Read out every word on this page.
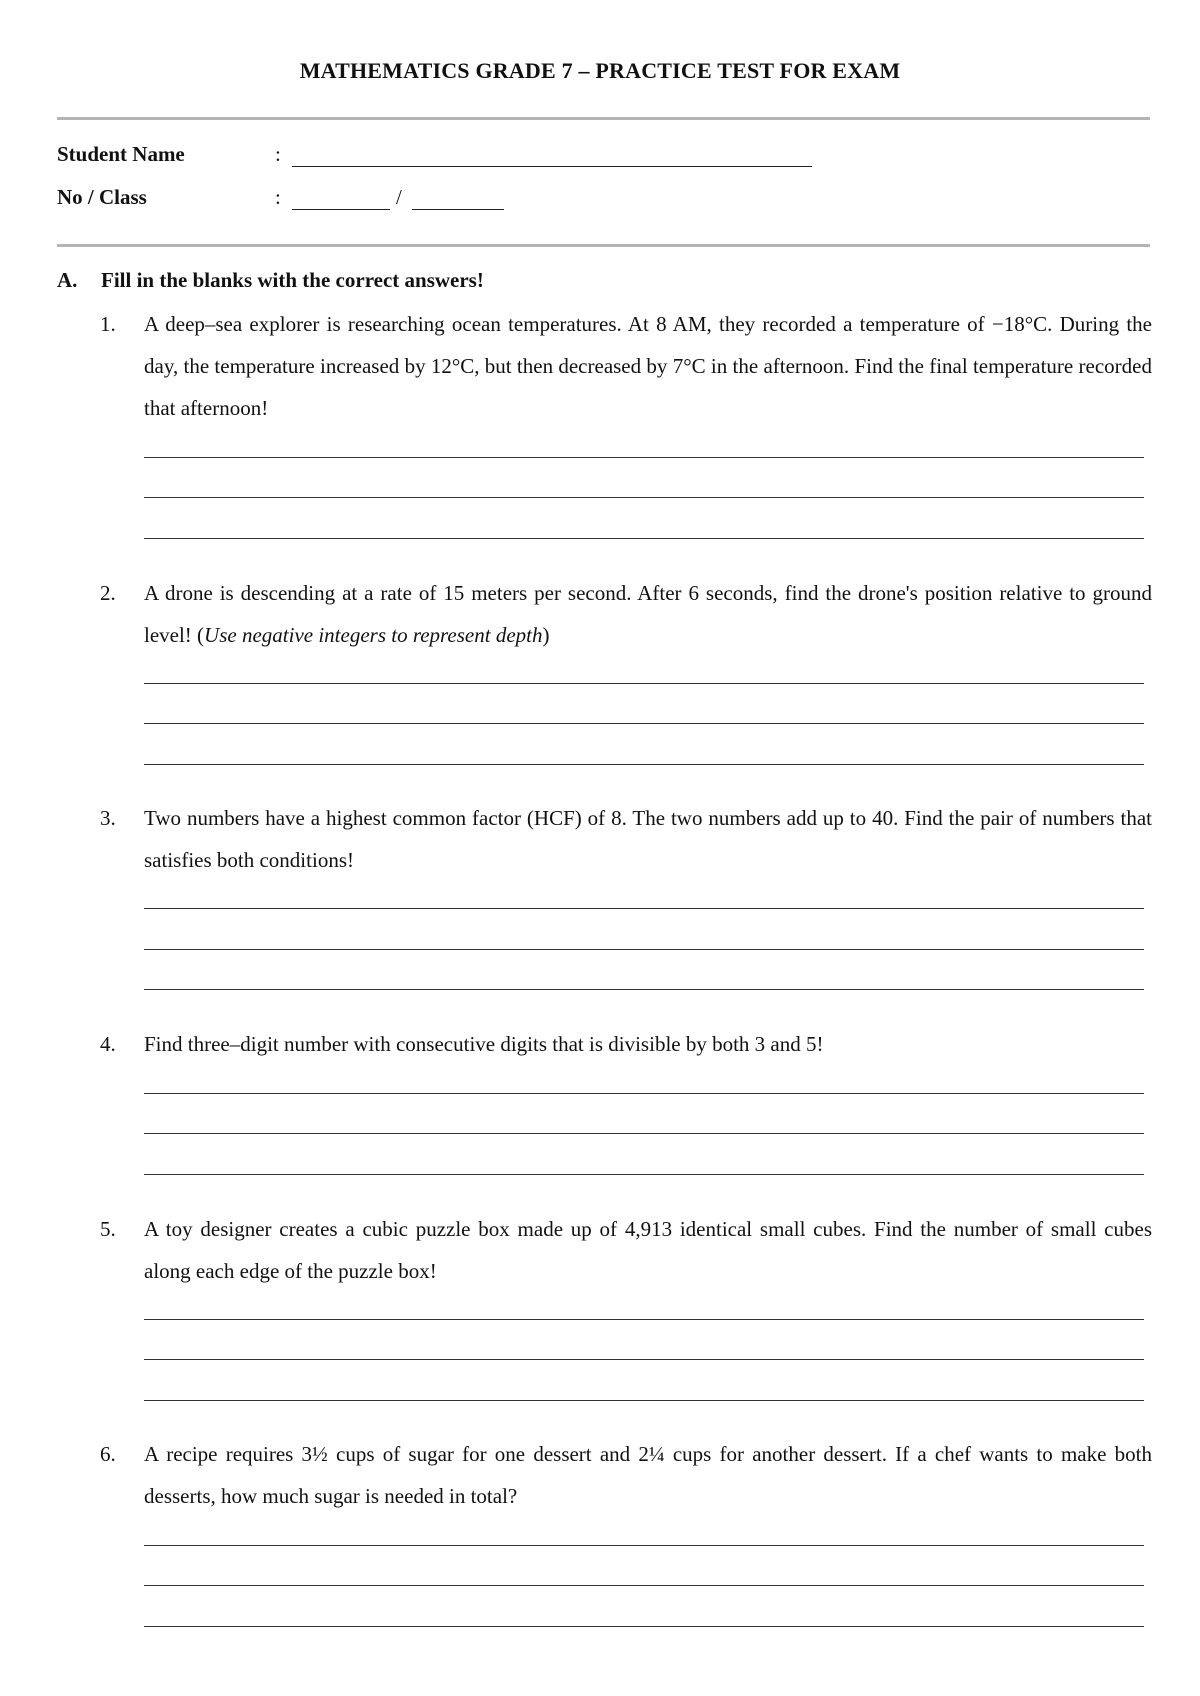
MATHEMATICS GRADE 7 – PRACTICE TEST FOR EXAM
Student Name	:
No / Class	:	/
A. Fill in the blanks with the correct answers!
1. A deep–sea explorer is researching ocean temperatures. At 8 AM, they recorded a temperature of −18°C. During the day, the temperature increased by 12°C, but then decreased by 7°C in the afternoon. Find the final temperature recorded that afternoon!
2. A drone is descending at a rate of 15 meters per second. After 6 seconds, find the drone's position relative to ground level! (Use negative integers to represent depth)
3. Two numbers have a highest common factor (HCF) of 8. The two numbers add up to 40. Find the pair of numbers that satisfies both conditions!
4. Find three–digit number with consecutive digits that is divisible by both 3 and 5!
5. A toy designer creates a cubic puzzle box made up of 4,913 identical small cubes. Find the number of small cubes along each edge of the puzzle box!
6. A recipe requires 3½ cups of sugar for one dessert and 2¼ cups for another dessert. If a chef wants to make both desserts, how much sugar is needed in total?
